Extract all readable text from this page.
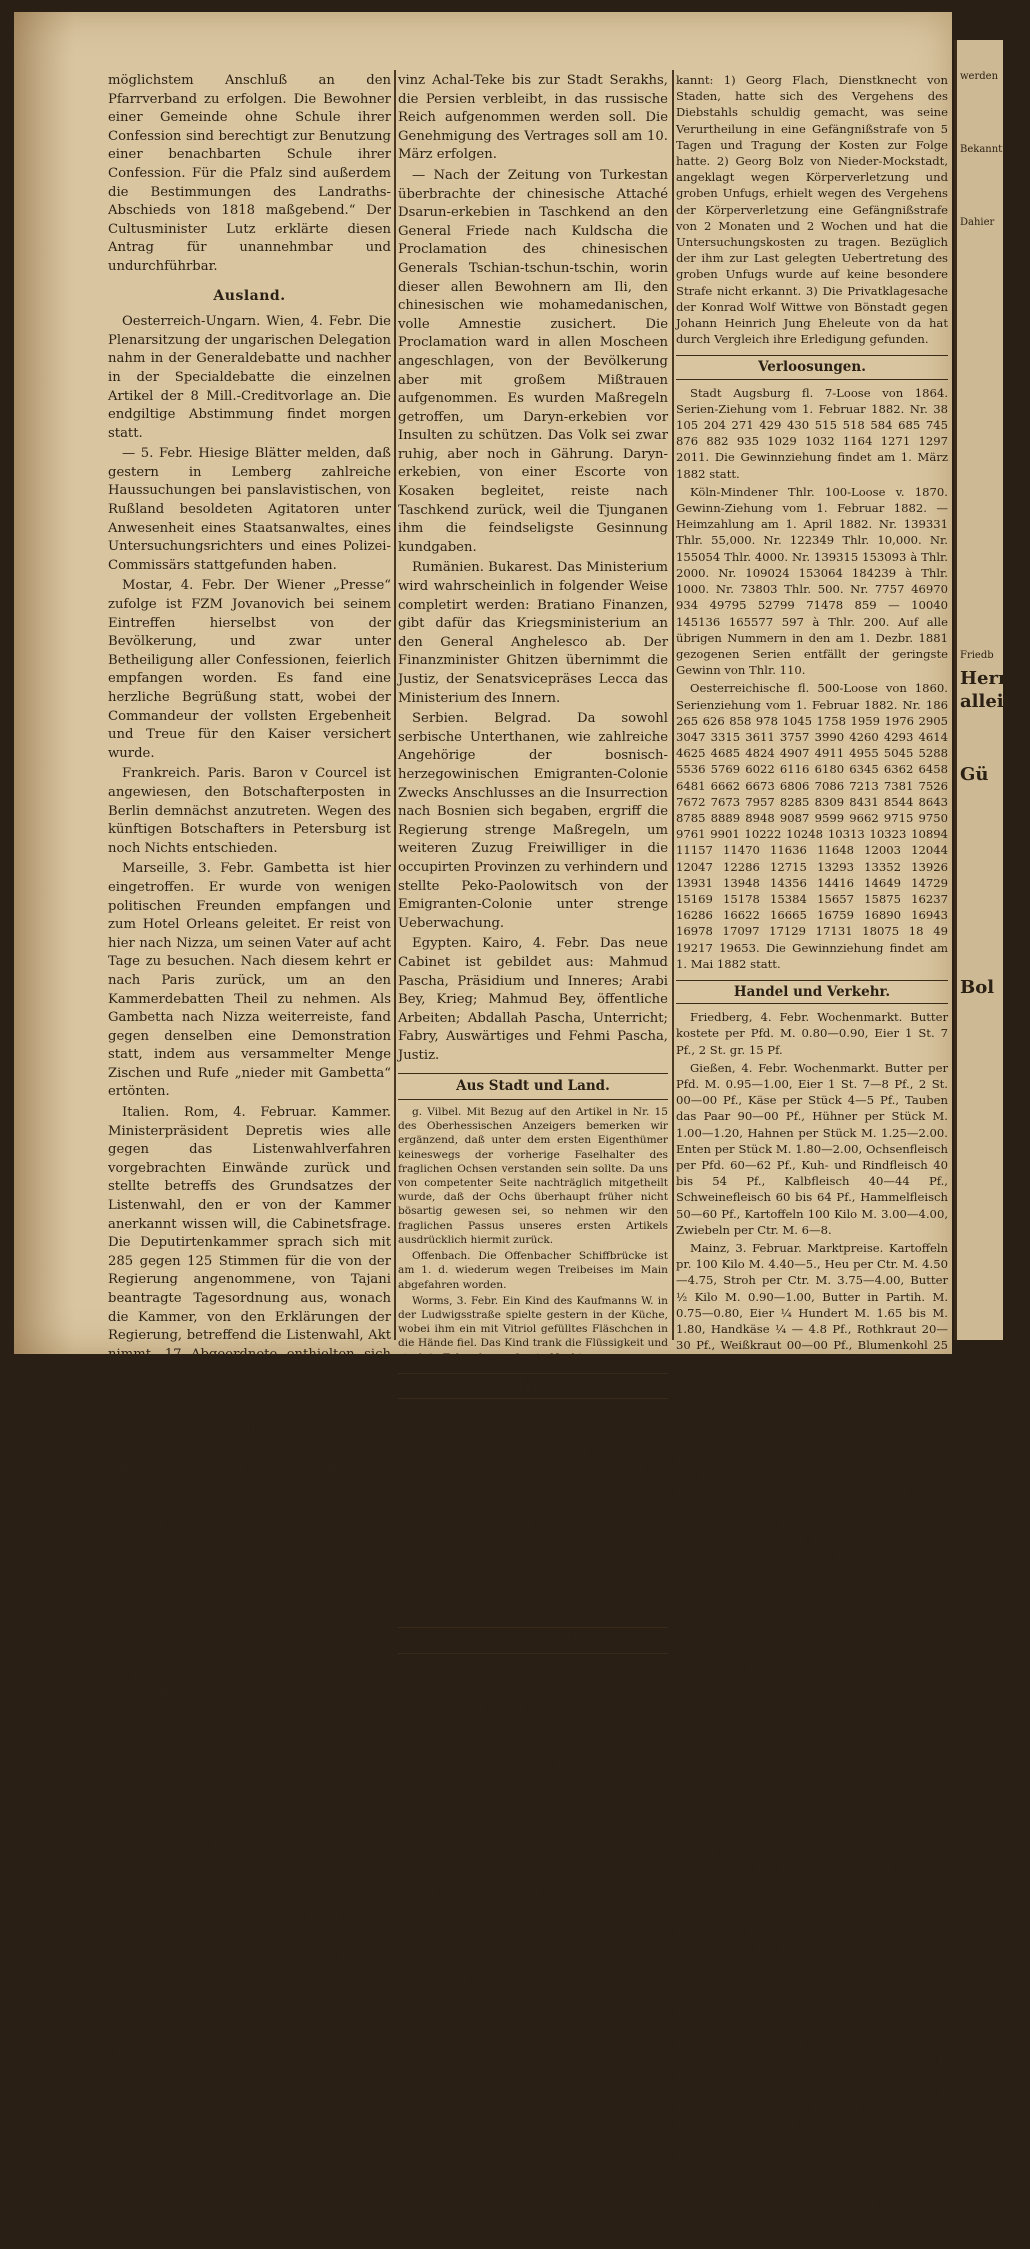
möglichstem Anschluß an den Pfarrverband zu erfolgen. Die Bewohner einer Gemeinde ohne Schule ihrer Confession sind berechtigt zur Benutzung einer benachbarten Schule ihrer Confession. Für die Pfalz sind außerdem die Bestimmungen des Landraths-Abschieds von 1818 maßgebend.“ Der Cultusminister Lutz erklärte diesen Antrag für unannehmbar und undurchführbar.

Ausland.

Oesterreich-Ungarn. Wien, 4. Febr. Die Plenarsitzung der ungarischen Delegation nahm in der Generaldebatte und nachher in der Specialdebatte die einzelnen Artikel der 8 Mill.-Creditvorlage an. Die endgiltige Abstimmung findet morgen statt.

— 5. Febr. Hiesige Blätter melden, daß gestern in Lemberg zahlreiche Haussuchungen bei panslavistischen, von Rußland besoldeten Agitatoren unter Anwesenheit eines Staatsanwaltes, eines Untersuchungsrichters und eines Polizei-Commissärs stattgefunden haben.

Mostar, 4. Febr. Der Wiener „Presse“ zufolge ist FZM Jovanovich bei seinem Eintreffen hierselbst von der Bevölkerung, und zwar unter Betheiligung aller Confessionen, feierlich empfangen worden. Es fand eine herzliche Begrüßung statt, wobei der Commandeur der vollsten Ergebenheit und Treue für den Kaiser versichert wurde.

Frankreich. Paris. Baron v Courcel ist angewiesen, den Botschafterposten in Berlin demnächst anzutreten. Wegen des künftigen Botschafters in Petersburg ist noch Nichts entschieden.

Marseille, 3. Febr. Gambetta ist hier eingetroffen. Er wurde von wenigen politischen Freunden empfangen und zum Hotel Orleans geleitet. Er reist von hier nach Nizza, um seinen Vater auf acht Tage zu besuchen. Nach diesem kehrt er nach Paris zurück, um an den Kammerdebatten Theil zu nehmen. Als Gambetta nach Nizza weiterreiste, fand gegen denselben eine Demonstration statt, indem aus versammelter Menge Zischen und Rufe „nieder mit Gambetta“ ertönten.

Italien. Rom, 4. Februar. Kammer. Ministerpräsident Depretis wies alle gegen das Listenwahlverfahren vorgebrachten Einwände zurück und stellte betreffs des Grundsatzes der Listenwahl, den er von der Kammer anerkannt wissen will, die Cabinetsfrage. Die Deputirtenkammer sprach sich mit 285 gegen 125 Stimmen für die von der Regierung angenommene, von Tajani beantragte Tagesordnung aus, wonach die Kammer, von den Erklärungen der Regierung, betreffend die Listenwahl, Akt nimmt. 17 Abgeordnete enthielten sich der Stimmenabgabe.

Großbritannien. London, 5. Februar. Die Declaration, betreffend die Verlängerung des Handelsvertrags mit Frankreich bis 1. März, wurde gestern durch den diesseitigen Botschafter Lord Lyons in Paris und den Ministerpräsidenten Freycinet unterzeichnet.

Türkei. Konstantinopel, 3. Febr. Die ersten Dragomane der deutschen, russischen, österreichischen und italienischen Botschaft gaben heute an Assym Pascha die identische mündliche Erklärung zu Gunsten der Aufrechterhaltung des status quo in Egypten. Sie fügten hinzu, jede Aenderung würde die Zustimmung aller Großmächte verlangen. Dann hinterließen sie eine Abschrift von dieser Erklärung.

— Die Pforte stellte den Vertretern der Mächte die Antwort auf deren Note vom December zu, in der diese wegen des Ceremoniells der Consuln remonstrirten. Die Pforte bedauert, daß sie die Ansicht der Botschafter nicht theilen könne; Capitulationen könnten ihr Recht nicht einschränken. Sie stellt den Usus, auf den die Botschafter in der Note sich berufen, in Abrede und bittet die Botschafter, den Consular-Corps die entsprechenden Instructionen zu geben, damit jedem Mißverständniß vorgebeugt werde.

Rußland. Petersburg. Rußland schloß mit Persien einen Vertrag, nach dem die Pro-

vinz Achal-Teke bis zur Stadt Serakhs, die Persien verbleibt, in das russische Reich aufgenommen werden soll. Die Genehmigung des Vertrages soll am 10. März erfolgen.

— Nach der Zeitung von Turkestan überbrachte der chinesische Attaché Dsarun-erkebien in Taschkend an den General Friede nach Kuldscha die Proclamation des chinesischen Generals Tschian-tschun-tschin, worin dieser allen Bewohnern am Ili, den chinesischen wie mohamedanischen, volle Amnestie zusichert. Die Proclamation ward in allen Moscheen angeschlagen, von der Bevölkerung aber mit großem Mißtrauen aufgenommen. Es wurden Maßregeln getroffen, um Daryn-erkebien vor Insulten zu schützen. Das Volk sei zwar ruhig, aber noch in Gährung. Daryn-erkebien, von einer Escorte von Kosaken begleitet, reiste nach Taschkend zurück, weil die Tjunganen ihm die feindseligste Gesinnung kundgaben.

Rumänien. Bukarest. Das Ministerium wird wahrscheinlich in folgender Weise completirt werden: Bratiano Finanzen, gibt dafür das Kriegsministerium an den General Anghelesco ab. Der Finanzminister Ghitzen übernimmt die Justiz, der Senatsvicepräses Lecca das Ministerium des Innern.

Serbien. Belgrad. Da sowohl serbische Unterthanen, wie zahlreiche Angehörige der bosnisch-herzegowinischen Emigranten-Colonie Zwecks Anschlusses an die Insurrection nach Bosnien sich begaben, ergriff die Regierung strenge Maßregeln, um weiteren Zuzug Freiwilliger in die occupirten Provinzen zu verhindern und stellte Peko-Paolowitsch von der Emigranten-Colonie unter strenge Ueberwachung.

Egypten. Kairo, 4. Febr. Das neue Cabinet ist gebildet aus: Mahmud Pascha, Präsidium und Inneres; Arabi Bey, Krieg; Mahmud Bey, öffentliche Arbeiten; Abdallah Pascha, Unterricht; Fabry, Auswärtiges und Fehmi Pascha, Justiz.

Aus Stadt und Land.

g. Vilbel. Mit Bezug auf den Artikel in Nr. 15 des Oberhessischen Anzeigers bemerken wir ergänzend, daß unter dem ersten Eigenthümer keineswegs der vorherige Faselhalter des fraglichen Ochsen verstanden sein sollte. Da uns von competenter Seite nachträglich mitgetheilt wurde, daß der Ochs überhaupt früher nicht bösartig gewesen sei, so nehmen wir den fraglichen Passus unseres ersten Artikels ausdrücklich hiermit zurück.

Offenbach. Die Offenbacher Schiffbrücke ist am 1. d. wiederum wegen Treibeises im Main abgefahren worden.

Worms, 3. Febr. Ein Kind des Kaufmanns W. in der Ludwigsstraße spielte gestern in der Küche, wobei ihm ein mit Vitriol gefülltes Fläschchen in die Hände fiel. Das Kind trank die Flüssigkeit und starb in Folge dessen heute Nacht.

Allerlei.

Fulda, 31. Jan. Gestern Abend ereignete sich im benachbarten Dorfe Gieseln eine grauenvolle Mordthat. Der Hüttner Schnell daselbst stichelte dem Hüttner Merz, mit welchem er im Wirthshause scheinbar gemüthlich verkehrt hatte, nach und bohrte ihm sein Messer in das Herz, so daß derselbe alsbald verschied. Der Mörder wurde sofort dingfest gemacht und gefänglich eingezogen. Es ist dies binnen 8 Tagen der vierte Fall der barbarischen Rohheit der hiesigen Landbevölkerung.

Paris, 2. Febr. Bontour, der Präsident, und Feder, der Director der „Union générale“, wurden gestern Abend wegen schwindelhafter Börsenspekulationen verhaftet.

Gerichtssaal.

Butzbach, 3. Febr. Das heutige Schöffengericht war von kurzer Dauer, Strafen wurden nur gegen drei Bettler resp. Landstreicher in der Höhe von 8-12 Tagen Haft erkannt und Ueberweisung derselben an die Landespolizeibehörde ausgesprochen. Die Beleidigungsklage gegen Conrad Weisel II. von Fauerbach v. d. H. kam nicht zur Verhandlung, indem der Beleidigte seinen Strafantrag zurück nahm, da Weisel sich bereit erklärt hatte, die Kosten zu zahlen und die Beleidigung durch eine Erklärung im „Wetterauer Boten“ als unwahr zurückzunehmen. Gegen Adam Klein von der Kröge bei Butzbach, beschuldigt, aus der hiesigen Herberge einen Schlafteppich entwendet zu haben, erkannte das Gericht ein freisprechendes Urtheil, da der Zeuge Joh. Hammel erklärte, daß Klein zur Zeit des Diebstahls nicht in der Herberge gewesen war; der Diebstahl verdächtig soll nun ein gewisser A. Fleckenstein von Lang-Göns in Anklagezustand versetzt und Untersuchung eingeleitet werden.

Altenstadt. In der heute dahier abgehaltenen Schöffengerichtssitzung wurden in folgenden Sachen er-

kannt: 1) Georg Flach, Dienstknecht von Staden, hatte sich des Vergehens des Diebstahls schuldig gemacht, was seine Verurtheilung in eine Gefängnißstrafe von 5 Tagen und Tragung der Kosten zur Folge hatte. 2) Georg Bolz von Nieder-Mockstadt, angeklagt wegen Körperverletzung und groben Unfugs, erhielt wegen des Vergehens der Körperverletzung eine Gefängnißstrafe von 2 Monaten und 2 Wochen und hat die Untersuchungskosten zu tragen. Bezüglich der ihm zur Last gelegten Uebertretung des groben Unfugs wurde auf keine besondere Strafe nicht erkannt. 3) Die Privatklagesache der Konrad Wolf Wittwe von Bönstadt gegen Johann Heinrich Jung Eheleute von da hat durch Vergleich ihre Erledigung gefunden.

Verloosungen.

Stadt Augsburg fl. 7-Loose von 1864. Serien-Ziehung vom 1. Februar 1882. Nr. 38 105 204 271 429 430 515 518 584 685 745 876 882 935 1029 1032 1164 1271 1297 2011. Die Gewinnziehung findet am 1. März 1882 statt.

Köln-Mindener Thlr. 100-Loose v. 1870. Gewinn-Ziehung vom 1. Februar 1882. — Heimzahlung am 1. April 1882. Nr. 139331 Thlr. 55,000. Nr. 122349 Thlr. 10,000. Nr. 155054 Thlr. 4000. Nr. 139315 153093 à Thlr. 2000. Nr. 109024 153064 184239 à Thlr. 1000. Nr. 73803 Thlr. 500. Nr. 7757 46970 934 49795 52799 71478 859 — 10040 145136 165577 597 à Thlr. 200. Auf alle übrigen Nummern in den am 1. Dezbr. 1881 gezogenen Serien entfällt der geringste Gewinn von Thlr. 110.

Oesterreichische fl. 500-Loose von 1860. Serienziehung vom 1. Februar 1882. Nr. 186 265 626 858 978 1045 1758 1959 1976 2905 3047 3315 3611 3757 3990 4260 4293 4614 4625 4685 4824 4907 4911 4955 5045 5288 5536 5769 6022 6116 6180 6345 6362 6458 6481 6662 6673 6806 7086 7213 7381 7526 7672 7673 7957 8285 8309 8431 8544 8643 8785 8889 8948 9087 9599 9662 9715 9750 9761 9901 10222 10248 10313 10323 10894 11157 11470 11636 11648 12003 12044 12047 12286 12715 13293 13352 13926 13931 13948 14356 14416 14649 14729 15169 15178 15384 15657 15875 16237 16286 16622 16665 16759 16890 16943 16978 17097 17129 17131 18075 18 49 19217 19653. Die Gewinnziehung findet am 1. Mai 1882 statt.

Handel und Verkehr.

Friedberg, 4. Febr. Wochenmarkt. Butter kostete per Pfd. M. 0.80—0.90, Eier 1 St. 7 Pf., 2 St. gr. 15 Pf.

Gießen, 4. Febr. Wochenmarkt. Butter per Pfd. M. 0.95—1.00, Eier 1 St. 7—8 Pf., 2 St. 00—00 Pf., Käse per Stück 4—5 Pf., Tauben das Paar 90—00 Pf., Hühner per Stück M. 1.00—1.20, Hahnen per Stück M. 1.25—2.00. Enten per Stück M. 1.80—2.00, Ochsenfleisch per Pfd. 60—62 Pf., Kuh- und Rindfleisch 40 bis 54 Pf., Kalbfleisch 40—44 Pf., Schweinefleisch 60 bis 64 Pf., Hammelfleisch 50—60 Pf., Kartoffeln 100 Kilo M. 3.00—4.00, Zwiebeln per Ctr. M. 6—8.

Mainz, 3. Februar. Marktpreise. Kartoffeln pr. 100 Kilo M. 4.40—5., Heu per Ctr. M. 4.50—4.75, Stroh per Ctr. M. 3.75—4.00, Butter ½ Kilo M. 0.90—1.00, Butter in Partih. M. 0.75—0.80, Eier ¼ Hundert M. 1.65 bis M. 1.80, Handkäse ¼ — 4.8 Pf., Rothkraut 20—30 Pf., Weißkraut 00—00 Pf., Blumenkohl 25—30 Pf., Wirsing 3—5 Pf., 1 Ente M. 2.20 bis 2.50, 1 Hahn M. 1.20 bis 1.70, 1 Huhn M. 1.20—1.70, 1 junge Taube 55—60 Pf. — Fruchtmarkt. Waizen hiesiger M. 25.80—26.00, Termine M. 24.75—26.00, amerik. rother Winterwaizen M. 00.00 bis M. 00.00, Roggen, hiesiger und franz., M. 20.25 bis M. 20.50, Gerste, pfälzer, M. 19.50—19.60, Franken M. 19.60—19.80, Hafer eff. M. 15.25—17.25, Reps M. 29.50—30.50, Repskuchen M. 000.00, Rüböl eff. ohne Faß M. 30.50—30.60, per Mai mit Faß M. 30.30—30.40. — Viehmarkt. Ochsen 1. Qual. M. 64., 2. Qual. M. 56.—62., Kühe 1. Qual. M. 57., 2. Qual. M. 40.—50., Kälber das Pfd. 55—60 Pf., Schweine das Pfd. 55 bis 63 Pf.

Annahme und Beförderung telegraphischer Post-Anweisungen. Für die Annahme und Beförderung telegraphischer Postanweisungen ist versuchsweise die beschränkende Bestimmung in Wegfall gekommen, nach welcher sowohl am Einzahlungs- als auch am Bestimmungsorte der dem öffentlichen Verkehr dienende Telegraphenanstalt sich befinden muß. Bei telegraphischen Postanweisungen, welche an Orten ohne Telegraphenanstalt zur Post gegeben werden, wird das Ueberweisungs-Telegramm von der Annahme-Postanstalt mit der nächsten Postgelegenheit der am schnellsten zu erreichenden Reichs-Telegraphenanstalt als Einschreibsendung zugeführt. Für letztere hat der Einzahler Porto und Einschreibgebühr im Voraus zu entrichten. Ist eine telegraphische Postanweisung nach einem mit einer Telegraphenanstalt nicht versehenen Postorte gerichtet, so erfolgt die Weiterbeförderung des betreffenden Ueberweisungs-Telegramms von der letzten Telegraphenanstalt bis zur Bestimmungs-Postanstalt ebenfalls mit der nächsten Postgelegenheit als Einschreibsendung. Es ist in das Belieben des Absenders gestellt, ob er das Porto, die Einschreib- und die Eilbestellgebühr für diese Sendung vorauszubezahlen, oder die Berichtigung dem Empfänger überlassen will. Telegraphische Postanweisungen nach Orten ohne Postanstalt werden von der letzten Postanstalt aus in gewisser Weise durch Eilboten ausgeführt. Für die Bestellgebühr telegraphischer Postanweisungen durch Eilboten kommen die für die Eilbestellung gewöhnlicher Postanweisungen im § 21 der Postordnung festgesetzten Gebühren

werden
Bekanntmach
Dahier
Friedb
Herr
allein
Gü
Bol
